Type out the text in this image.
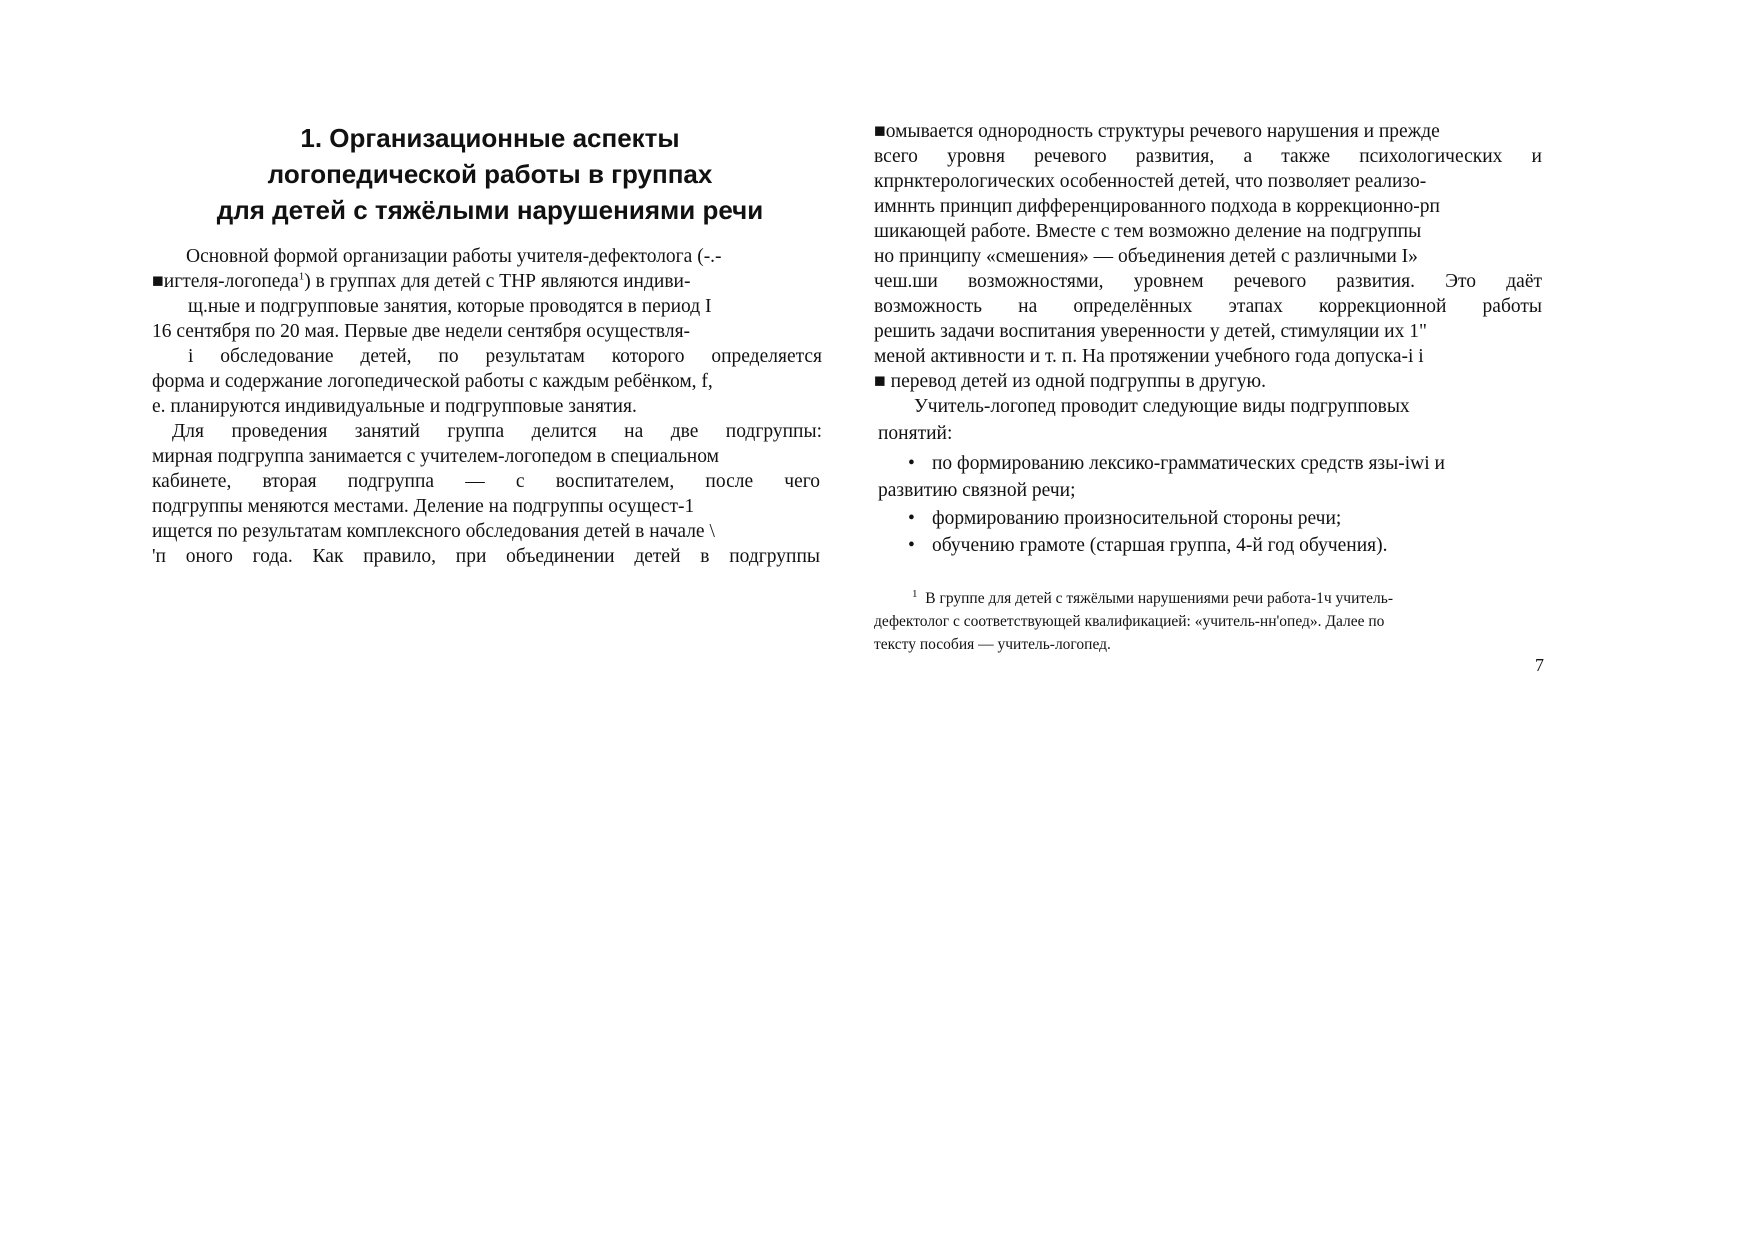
1. Организационные аспекты
логопедической работы в группах
для детей с тяжёлыми нарушениями речи
Основной формой организации работы учителя-дефектолога (-.-
■игтеля-логопеда$^1$) в группах для детей с ТНР являются индиви-
щ.ные и подгрупповые занятия, которые проводятся в период I
16 сентября по 20 мая. Первые две недели сентября осуществля-
i обследование детей, по результатам которого определяется
форма и содержание логопедической работы с каждым ребёнком, f,
е. планируются индивидуальные и подгрупповые занятия.
Для проведения занятий группа делится на две подгруппы:
мирная подгруппа занимается с учителем-логопедом в специальном
кабинете, вторая подгруппа — с воспитателем, после чего
подгруппы меняются местами. Деление на подгруппы осущест-1
ищется по результатам комплексного обследования детей в начале \
'п оного года. Как правило, при объединении детей в подгруппы
■омывается однородность структуры речевого нарушения и прежде
всего уровня речевого развития, а также психологических и
кпрнктерологических особенностей детей, что позволяет реализо-
имннть принцип дифференцированного подхода в коррекционно-рп
шикающей работе. Вместе с тем возможно деление на подгруппы
но принципу «смешения» — объединения детей с различными I»
чеш.ши возможностями, уровнем речевого развития. Это даёт
возможность на определённых этапах коррекционной работы
решить задачи воспитания уверенности у детей, стимуляции их 1"
меной активности и т. п. На протяжении учебного года допуска-i i
■ перевод детей из одной подгруппы в другую.
Учитель-логопед проводит следующие виды подгрупповых
понятий:
• по формированию лексико-грамматических средств язы-iwi и
развитию связной речи;
• формированию произносительной стороны речи;
• обучению грамоте (старшая группа, 4-й год обучения).
$^1$ В группе для детей с тяжёлыми нарушениями речи работа-1ч учитель-
дефектолог с соответствующей квалификацией: «учитель-нн'опед». Далее по
тексту пособия — учитель-логопед.
7
